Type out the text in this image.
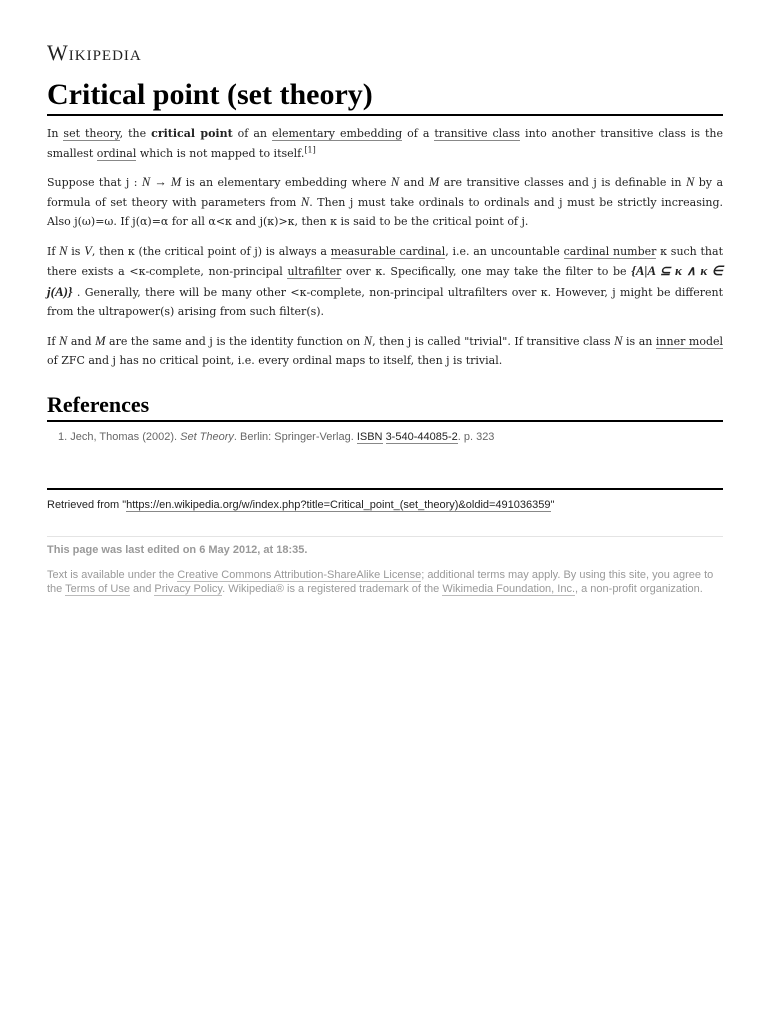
Wikipedia
Critical point (set theory)

In set theory, the critical point of an elementary embedding of a transitive class into another transitive class is the smallest ordinal which is not mapped to itself.[1]

Suppose that j : N → M is an elementary embedding where N and M are transitive classes and j is definable in N by a formula of set theory with parameters from N. Then j must take ordinals to ordinals and j must be strictly increasing. Also j(ω)=ω. If j(α)=α for all α<κ and j(κ)>κ, then κ is said to be the critical point of j.

If N is V, then κ (the critical point of j) is always a measurable cardinal, i.e. an uncountable cardinal number κ such that there exists a <κ-complete, non-principal ultrafilter over κ. Specifically, one may take the filter to be {A|A ⊆ κ ∧ κ ∈ j(A)} . Generally, there will be many other <κ-complete, non-principal ultrafilters over κ. However, j might be different from the ultrapower(s) arising from such filter(s).

If N and M are the same and j is the identity function on N, then j is called "trivial". If transitive class N is an inner model of ZFC and j has no critical point, i.e. every ordinal maps to itself, then j is trivial.

References
1. Jech, Thomas (2002). Set Theory. Berlin: Springer-Verlag. ISBN 3-540-44085-2. p. 323
Retrieved from "https://en.wikipedia.org/w/index.php?title=Critical_point_(set_theory)&oldid=491036359"
This page was last edited on 6 May 2012, at 18:35.
Text is available under the Creative Commons Attribution-ShareAlike License; additional terms may apply. By using this site, you agree to the Terms of Use and Privacy Policy. Wikipedia® is a registered trademark of the Wikimedia Foundation, Inc., a non-profit organization.
